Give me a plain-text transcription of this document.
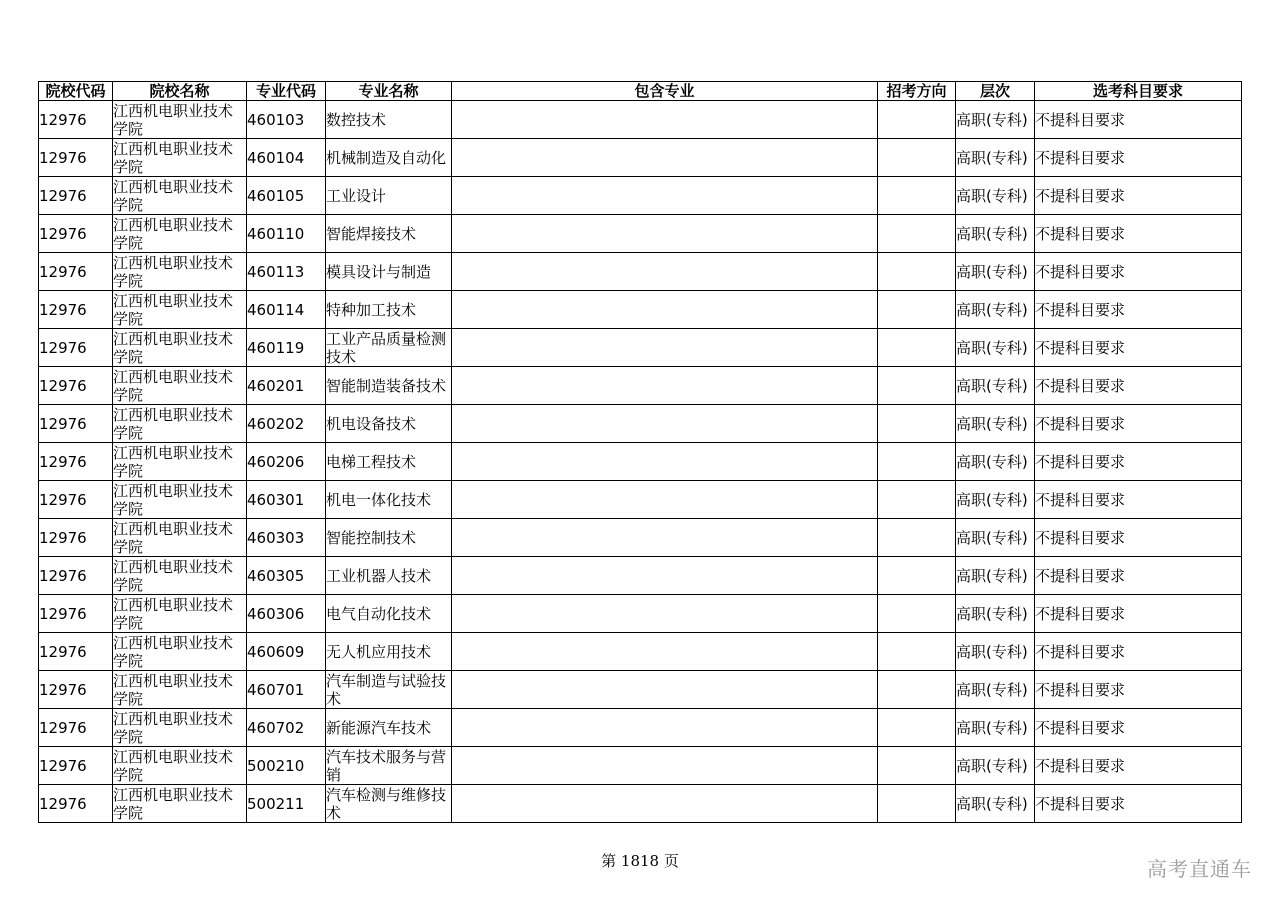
院校代码	院校名称	专业代码	专业名称	包含专业	招考方向	层次	选考科目要求
12976	江西机电职业技术学院	460103	数控技术			高职(专科)	不提科目要求
12976	江西机电职业技术学院	460104	机械制造及自动化			高职(专科)	不提科目要求
12976	江西机电职业技术学院	460105	工业设计			高职(专科)	不提科目要求
12976	江西机电职业技术学院	460110	智能焊接技术			高职(专科)	不提科目要求
12976	江西机电职业技术学院	460113	模具设计与制造			高职(专科)	不提科目要求
12976	江西机电职业技术学院	460114	特种加工技术			高职(专科)	不提科目要求
12976	江西机电职业技术学院	460119	工业产品质量检测技术			高职(专科)	不提科目要求
12976	江西机电职业技术学院	460201	智能制造装备技术			高职(专科)	不提科目要求
12976	江西机电职业技术学院	460202	机电设备技术			高职(专科)	不提科目要求
12976	江西机电职业技术学院	460206	电梯工程技术			高职(专科)	不提科目要求
12976	江西机电职业技术学院	460301	机电一体化技术			高职(专科)	不提科目要求
12976	江西机电职业技术学院	460303	智能控制技术			高职(专科)	不提科目要求
12976	江西机电职业技术学院	460305	工业机器人技术			高职(专科)	不提科目要求
12976	江西机电职业技术学院	460306	电气自动化技术			高职(专科)	不提科目要求
12976	江西机电职业技术学院	460609	无人机应用技术			高职(专科)	不提科目要求
12976	江西机电职业技术学院	460701	汽车制造与试验技术			高职(专科)	不提科目要求
12976	江西机电职业技术学院	460702	新能源汽车技术			高职(专科)	不提科目要求
12976	江西机电职业技术学院	500210	汽车技术服务与营销			高职(专科)	不提科目要求
12976	江西机电职业技术学院	500211	汽车检测与维修技术			高职(专科)	不提科目要求
第 1818 页	高考直通车
